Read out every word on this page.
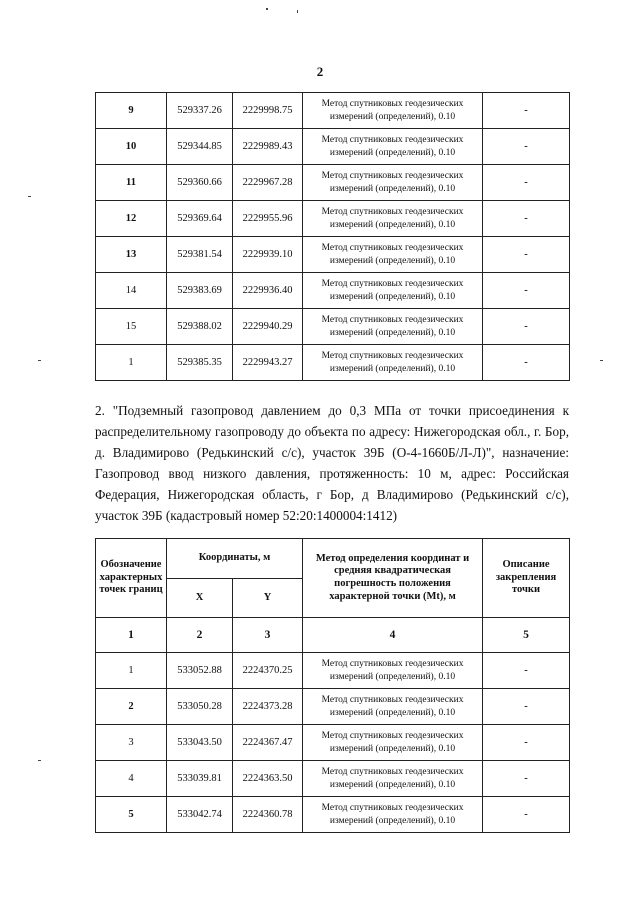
2
9	529337.26	2229998.75	Метод спутниковых геодезических
измерений (определений), 0.10	-
10	529344.85	2229989.43	Метод спутниковых геодезических
измерений (определений), 0.10	-
11	529360.66	2229967.28	Метод спутниковых геодезических
измерений (определений), 0.10	-
12	529369.64	2229955.96	Метод спутниковых геодезических
измерений (определений), 0.10	-
13	529381.54	2229939.10	Метод спутниковых геодезических
измерений (определений), 0.10	-
14	529383.69	2229936.40	Метод спутниковых геодезических
измерений (определений), 0.10	-
15	529388.02	2229940.29	Метод спутниковых геодезических
измерений (определений), 0.10	-
1	529385.35	2229943.27	Метод спутниковых геодезических
измерений (определений), 0.10	-

2. "Подземный газопровод давлением до 0,3 МПа от точки присоединения к распределительному газопроводу до объекта по адресу: Нижегородская обл., г. Бор, д. Владимирово (Редькинский с/с), участок 39Б (О-4-1660Б/Л-Л)", назначение: Газопровод ввод низкого давления, протяженность: 10 м, адрес: Российская Федерация, Нижегородская область, г Бор, д Владимирово (Редькинский с/с), участок 39Б (кадастровый номер 52:20:1400004:1412)

Обозначение характерных точек границ	Координаты, м		Метод определения координат и средняя квадратическая погрешность положения характерной точки (Mt), м	Описание закрепления точки
	X	Y		
1	2	3	4	5
1	533052.88	2224370.25	Метод спутниковых геодезических
измерений (определений), 0.10	-
2	533050.28	2224373.28	Метод спутниковых геодезических
измерений (определений), 0.10	-
3	533043.50	2224367.47	Метод спутниковых геодезических
измерений (определений), 0.10	-
4	533039.81	2224363.50	Метод спутниковых геодезических
измерений (определений), 0.10	-
5	533042.74	2224360.78	Метод спутниковых геодезических
измерений (определений), 0.10	-
